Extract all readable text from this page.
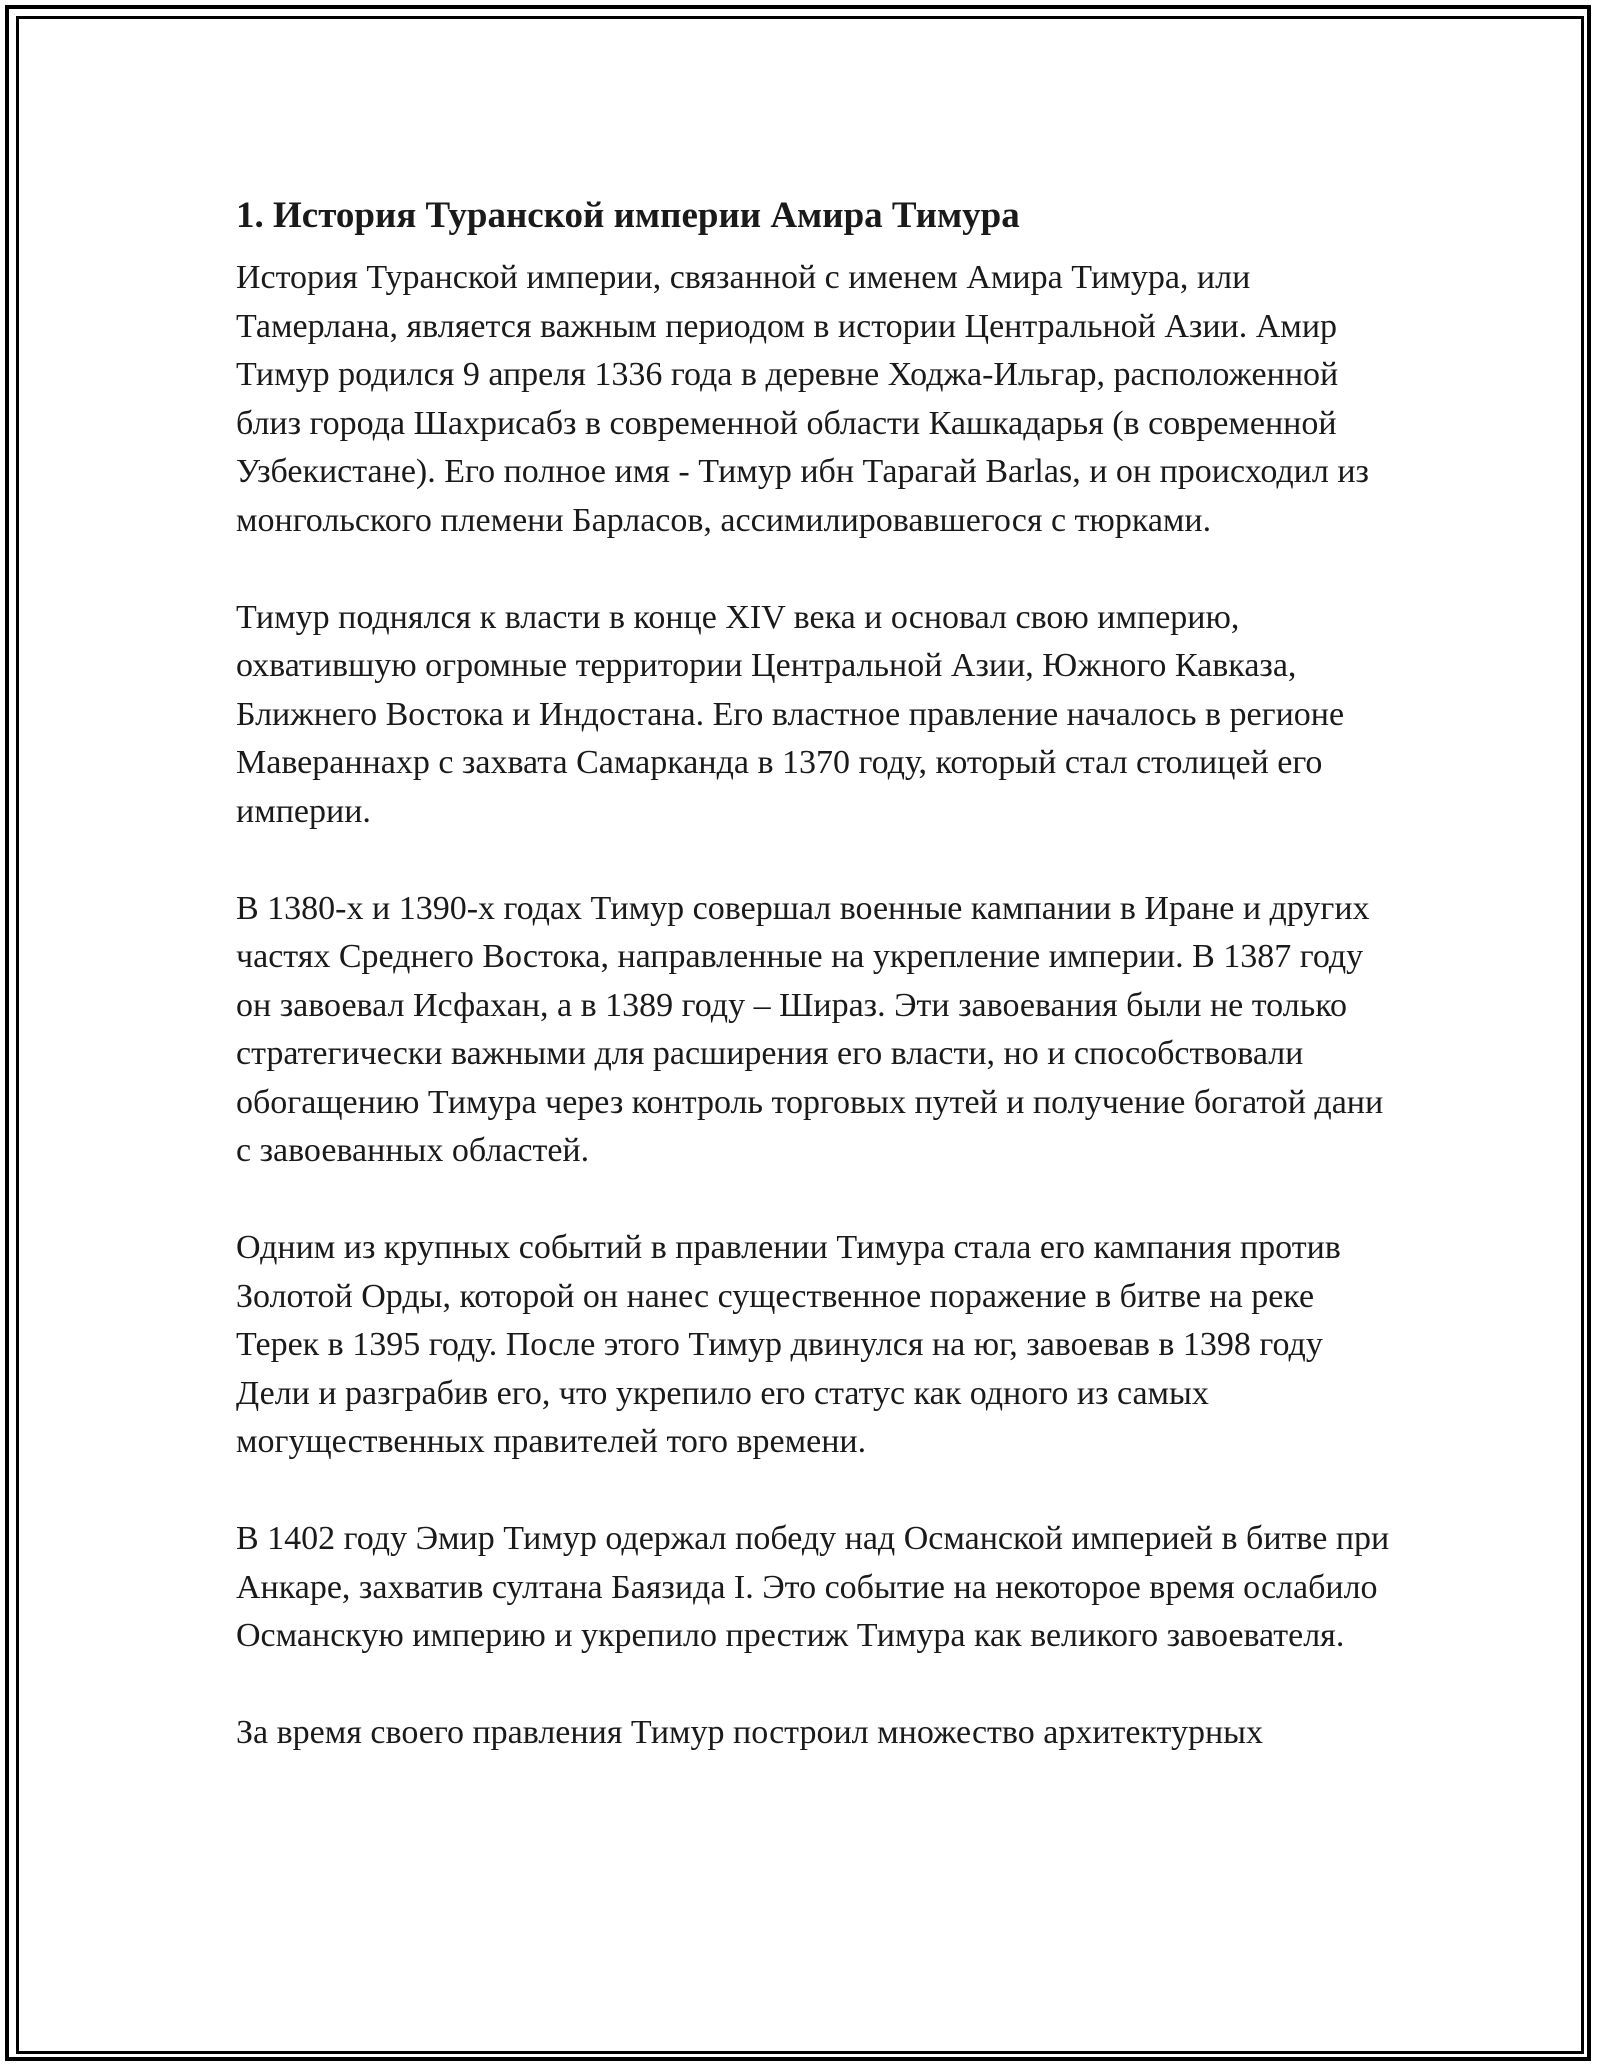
1. История Туранской империи Амира Тимура

История Туранской империи, связанной с именем Амира Тимура, или Тамерлана, является важным периодом в истории Центральной Азии. Амир Тимур родился 9 апреля 1336 года в деревне Ходжа-Ильгар, расположенной близ города Шахрисабз в современной области Кашкадарья (в современной Узбекистане). Его полное имя - Тимур ибн Тарагай Barlas, и он происходил из монгольского племени Барласов, ассимилировавшегося с тюрками.

Тимур поднялся к власти в конце XIV века и основал свою империю, охватившую огромные территории Центральной Азии, Южного Кавказа, Ближнего Востока и Индостана. Его властное правление началось в регионе Мавераннахр с захвата Самарканда в 1370 году, который стал столицей его империи.

В 1380-х и 1390-х годах Тимур совершал военные кампании в Иране и других частях Среднего Востока, направленные на укрепление империи. В 1387 году он завоевал Исфахан, а в 1389 году – Шираз. Эти завоевания были не только стратегически важными для расширения его власти, но и способствовали обогащению Тимура через контроль торговых путей и получение богатой дани с завоеванных областей.

Одним из крупных событий в правлении Тимура стала его кампания против Золотой Орды, которой он нанес существенное поражение в битве на реке Терек в 1395 году. После этого Тимур двинулся на юг, завоевав в 1398 году Дели и разграбив его, что укрепило его статус как одного из самых могущественных правителей того времени.

В 1402 году Эмир Тимур одержал победу над Османской империей в битве при Анкаре, захватив султана Баязида I. Это событие на некоторое время ослабило Османскую империю и укрепило престиж Тимура как великого завоевателя.

За время своего правления Тимур построил множество архитектурных
